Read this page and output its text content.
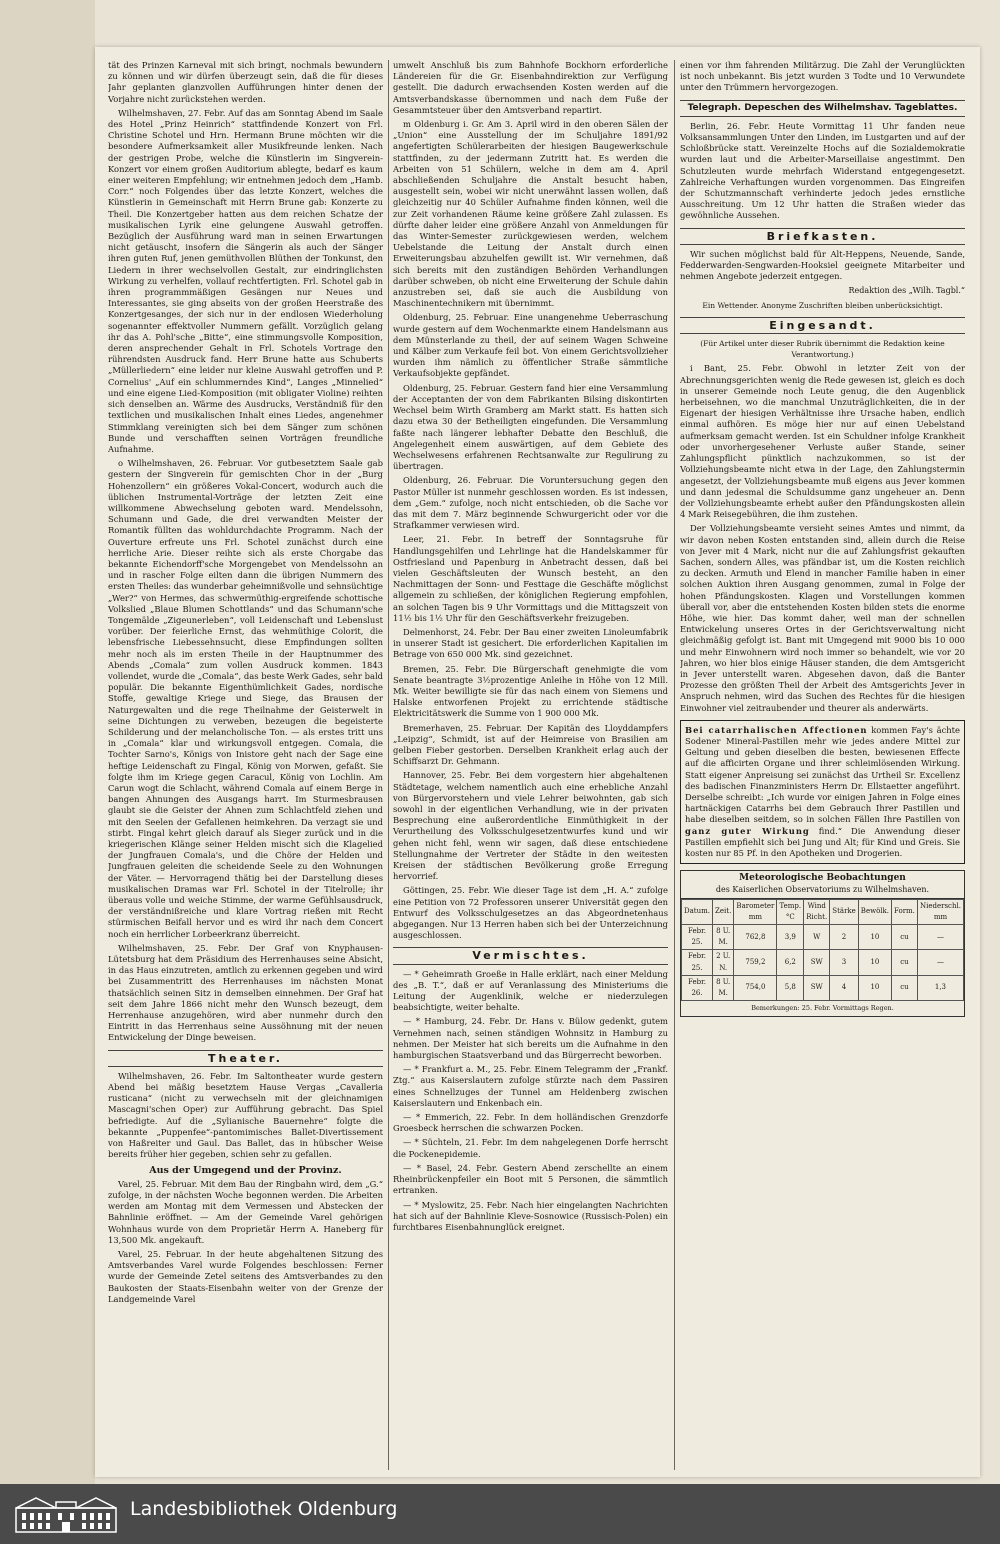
tät des Prinzen Karneval mit sich bringt, nochmals bewundern zu können und wir dürfen überzeugt sein, daß die für dieses Jahr geplanten glanzvollen Aufführungen hinter denen der Vorjahre nicht zurückstehen werden.

Wilhelmshaven, 27. Febr. Auf das am Sonntag Abend im Saale des Hotel „Prinz Heinrich“ stattfindende Konzert von Frl. Christine Schotel und Hrn. Hermann Brune möchten wir die besondere Aufmerksamkeit aller Musikfreunde lenken. Nach der gestrigen Probe, welche die Künstlerin im Singverein-Konzert vor einem großen Auditorium ablegte, bedarf es kaum einer weiteren Empfehlung; wir entnehmen jedoch dem „Hamb. Corr.“ noch Folgendes über das letzte Konzert, welches die Künstlerin in Gemeinschaft mit Herrn Brune gab: Konzerte zu Theil. Die Konzertgeber hatten aus dem reichen Schatze der musikalischen Lyrik eine gelungene Auswahl getroffen. Bezüglich der Ausführung ward man in seinen Erwartungen nicht getäuscht, insofern die Sängerin als auch der Sänger ihren guten Ruf, jenen gemüthvollen Blüthen der Tonkunst, den Liedern in ihrer wechselvollen Gestalt, zur eindringlichsten Wirkung zu verhelfen, vollauf rechtfertigten. Frl. Schotel gab in ihren programmmäßigen Gesängen nur Neues und Interessantes, sie ging abseits von der großen Heerstraße des Konzertgesanges, der sich nur in der endlosen Wiederholung sogenannter effektvoller Nummern gefällt. Vorzüglich gelang ihr das A. Pohl'sche „Bitte“, eine stimmungsvolle Komposition, deren ansprechender Gehalt in Frl. Schotels Vortrage den rührendsten Ausdruck fand. Herr Brune hatte aus Schuberts „Müllerliedern“ eine leider nur kleine Auswahl getroffen und P. Cornelius' „Auf ein schlummerndes Kind“, Langes „Minnelied“ und eine eigene Lied-Komposition (mit obligater Violine) reihten sich denselben an. Wärme des Ausdrucks, Verständniß für den textlichen und musikalischen Inhalt eines Liedes, angenehmer Stimmklang vereinigten sich bei dem Sänger zum schönen Bunde und verschafften seinen Vorträgen freundliche Aufnahme.

o Wilhelmshaven, 26. Februar. Vor gutbesetztem Saale gab gestern der Singverein für gemischten Chor in der „Burg Hohenzollern“ ein größeres Vokal-Concert, wodurch auch die üblichen Instrumental-Vorträge der letzten Zeit eine willkommene Abwechselung geboten ward. Mendelssohn, Schumann und Gade, die drei verwandten Meister der Romantik füllten das wohldurchdachte Programm. Nach der Ouverture erfreute uns Frl. Schotel zunächst durch eine herrliche Arie. Dieser reihte sich als erste Chorgabe das bekannte Eichendorff'sche Morgengebet von Mendelssohn an und in rascher Folge eilten dann die übrigen Nummern des ersten Theiles: das wunderbar geheimnißvolle und sehnsüchtige „Wer?“ von Hermes, das schwermüthig-ergreifende schottische Volkslied „Blaue Blumen Schottlands“ und das Schumann'sche Tongemälde „Zigeunerleben“, voll Leidenschaft und Lebenslust vorüber. Der feierliche Ernst, das wehmüthige Colorit, die lebensfrische Liebessehnsucht, diese Empfindungen sollten mehr noch als im ersten Theile in der Hauptnummer des Abends „Comala“ zum vollen Ausdruck kommen. 1843 vollendet, wurde die „Comala“, das beste Werk Gades, sehr bald populär. Die bekannte Eigenthümlichkeit Gades, nordische Stoffe, gewaltige Kriege und Siege, das Brausen der Naturgewalten und die rege Theilnahme der Geisterwelt in seine Dichtungen zu verweben, bezeugen die begeisterte Schilderung und der melancholische Ton. — als erstes tritt uns in „Comala“ klar und wirkungsvoll entgegen. Comala, die Tochter Sarno's, Königs von Inistore geht nach der Sage eine heftige Leidenschaft zu Fingal, König von Morwen, gefaßt. Sie folgte ihm im Kriege gegen Caracul, König von Lochlin. Am Carun wogt die Schlacht, während Comala auf einem Berge in bangen Ahnungen des Ausgangs harrt. Im Sturmesbrausen glaubt sie die Geister der Ahnen zum Schlachtfeld ziehen und mit den Seelen der Gefallenen heimkehren. Da verzagt sie und stirbt. Fingal kehrt gleich darauf als Sieger zurück und in die kriegerischen Klänge seiner Helden mischt sich die Klagelied der Jungfrauen Comala's, und die Chöre der Helden und Jungfrauen geleiten die scheidende Seele zu den Wohnungen der Väter. — Hervorragend thätig bei der Darstellung dieses musikalischen Dramas war Frl. Schotel in der Titelrolle; ihr überaus volle und weiche Stimme, der warme Gefühlsausdruck, der verständnißreiche und klare Vortrag rießen mit Recht stürmischen Beifall hervor und es wird ihr nach dem Concert noch ein herrlicher Lorbeerkranz überreicht.

Wilhelmshaven, 25. Febr. Der Graf von Knyphausen-Lütetsburg hat dem Präsidium des Herrenhauses seine Absicht, in das Haus einzutreten, amtlich zu erkennen gegeben und wird bei Zusammentritt des Herrenhauses im nächsten Monat thatsächlich seinen Sitz in demselben einnehmen. Der Graf hat seit dem Jahre 1866 nicht mehr den Wunsch bezeugt, dem Herrenhause anzugehören, wird aber nunmehr durch den Eintritt in das Herrenhaus seine Aussöhnung mit der neuen Entwickelung der Dinge beweisen.

Theater.

Wilhelmshaven, 26. Febr. Im Saltontheater wurde gestern Abend bei mäßig besetztem Hause Vergas „Cavalleria rusticana“ (nicht zu verwechseln mit der gleichnamigen Mascagni'schen Oper) zur Aufführung gebracht. Das Spiel befriedigte. Auf die „Sylianische Bauernehre“ folgte die bekannte „Puppenfee“-pantomimisches Ballet-Divertissement von Haßreiter und Gaul. Das Ballet, das in hübscher Weise bereits früher hier gegeben, schien sehr zu gefallen.

Aus der Umgegend und der Provinz.

Varel, 25. Februar. Mit dem Bau der Ringbahn wird, dem „G.“ zufolge, in der nächsten Woche begonnen werden. Die Arbeiten werden am Montag mit dem Vermessen und Abstecken der Bahnlinie eröffnet. — Am der Gemeinde Varel gehörigen Wohnhaus wurde von dem Proprietär Herrn A. Haneberg für 13,500 Mk. angekauft.

Varel, 25. Februar. In der heute abgehaltenen Sitzung des Amtsverbandes Varel wurde Folgendes beschlossen: Ferner wurde der Gemeinde Zetel seitens des Amtsverbandes zu den Baukosten der Staats-Eisenbahn weiter von der Grenze der Landgemeinde Varel

umwelt Anschluß bis zum Bahnhofe Bockhorn erforderliche Ländereien für die Gr. Eisenbahndirektion zur Verfügung gestellt. Die dadurch erwachsenden Kosten werden auf die Amtsverbandskasse übernommen und nach dem Fuße der Gesammtsteuer über den Amtsverband repartirt.

m Oldenburg i. Gr. Am 3. April wird in den oberen Sälen der „Union“ eine Ausstellung der im Schuljahre 1891/92 angefertigten Schülerarbeiten der hiesigen Baugewerkschule stattfinden, zu der jedermann Zutritt hat. Es werden die Arbeiten von 51 Schülern, welche in dem am 4. April abschließenden Schuljahre die Anstalt besucht haben, ausgestellt sein, wobei wir nicht unerwähnt lassen wollen, daß gleichzeitig nur 40 Schüler Aufnahme finden können, weil die zur Zeit vorhandenen Räume keine größere Zahl zulassen. Es dürfte daher leider eine größere Anzahl von Anmeldungen für das Winter-Semester zurückgewiesen werden, welchem Uebelstande die Leitung der Anstalt durch einen Erweiterungsbau abzuhelfen gewillt ist. Wir vernehmen, daß sich bereits mit den zuständigen Behörden Verhandlungen darüber schweben, ob nicht eine Erweiterung der Schule dahin anzustreben sei, daß sie auch die Ausbildung von Maschinentechnikern mit übernimmt.

Oldenburg, 25. Februar. Eine unangenehme Ueberraschung wurde gestern auf dem Wochenmarkte einem Handelsmann aus dem Münsterlande zu theil, der auf seinem Wagen Schweine und Kälber zum Verkaufe feil bot. Von einem Gerichtsvollzieher wurden ihm nämlich zu öffentlicher Straße sämmtliche Verkaufsobjekte gepfändet.

Oldenburg, 25. Februar. Gestern fand hier eine Versammlung der Acceptanten der von dem Fabrikanten Bilsing diskontirten Wechsel beim Wirth Gramberg am Markt statt. Es hatten sich dazu etwa 30 der Betheiligten eingefunden. Die Versammlung faßte nach längerer lebhafter Debatte den Beschluß, die Angelegenheit einem auswärtigen, auf dem Gebiete des Wechselwesens erfahrenen Rechtsanwalte zur Regulirung zu übertragen.

Oldenburg, 26. Februar. Die Voruntersuchung gegen den Pastor Müller ist nunmehr geschlossen worden. Es ist indessen, dem „Gem.“ zufolge, noch nicht entschieden, ob die Sache vor das mit dem 7. März beginnende Schwurgericht oder vor die Strafkammer verwiesen wird.

Leer, 21. Febr. In betreff der Sonntagsruhe für Handlungsgehilfen und Lehrlinge hat die Handelskammer für Ostfriesland und Papenburg in Anbetracht dessen, daß bei vielen Geschäftsleuten der Wunsch besteht, an den Nachmittagen der Sonn- und Festtage die Geschäfte möglichst allgemein zu schließen, der königlichen Regierung empfohlen, an solchen Tagen bis 9 Uhr Vormittags und die Mittagszeit von 11½ bis 1½ Uhr für den Geschäftsverkehr freizugeben.

Delmenhorst, 24. Febr. Der Bau einer zweiten Linoleumfabrik in unserer Stadt ist gesichert. Die erforderlichen Kapitalien im Betrage von 650 000 Mk. sind gezeichnet.

Bremen, 25. Febr. Die Bürgerschaft genehmigte die vom Senate beantragte 3½prozentige Anleihe in Höhe von 12 Mill. Mk. Weiter bewilligte sie für das nach einem von Siemens und Halske entworfenen Projekt zu errichtende städtische Elektricitätswerk die Summe von 1 900 000 Mk.

Bremerhaven, 25. Februar. Der Kapitän des Lloyddampfers „Leipzig“, Schmidt, ist auf der Heimreise von Brasilien am gelben Fieber gestorben. Derselben Krankheit erlag auch der Schiffsarzt Dr. Gehmann.

Hannover, 25. Febr. Bei dem vorgestern hier abgehaltenen Städtetage, welchem namentlich auch eine erhebliche Anzahl von Bürgervorstehern und viele Lehrer beiwohnten, gab sich sowohl in der eigentlichen Verhandlung, wie in der privaten Besprechung eine außerordentliche Einmüthigkeit in der Verurtheilung des Volksschulgesetzentwurfes kund und wir gehen nicht fehl, wenn wir sagen, daß diese entschiedene Stellungnahme der Vertreter der Städte in den weitesten Kreisen der städtischen Bevölkerung große Erregung hervorrief.

Göttingen, 25. Febr. Wie dieser Tage ist dem „H. A.“ zufolge eine Petition von 72 Professoren unserer Universität gegen den Entwurf des Volksschulgesetzes an das Abgeordnetenhaus abgegangen. Nur 13 Herren haben sich bei der Unterzeichnung ausgeschlossen.

Vermischtes.

— * Geheimrath Groeße in Halle erklärt, nach einer Meldung des „B. T.“, daß er auf Veranlassung des Ministeriums die Leitung der Augenklinik, welche er niederzulegen beabsichtigte, weiter behalte.

— * Hamburg, 24. Febr. Dr. Hans v. Bülow gedenkt, gutem Vernehmen nach, seinen ständigen Wohnsitz in Hamburg zu nehmen. Der Meister hat sich bereits um die Aufnahme in den hamburgischen Staatsverband und das Bürgerrecht beworben.

— * Frankfurt a. M., 25. Febr. Einem Telegramm der „Frankf. Ztg.“ aus Kaiserslautern zufolge stürzte nach dem Passiren eines Schnellzuges der Tunnel am Heldenberg zwischen Kaiserslautern und Enkenbach ein.

— * Emmerich, 22. Febr. In dem holländischen Grenzdorfe Groesbeck herrschen die schwarzen Pocken.

— * Süchteln, 21. Febr. Im dem nahgelegenen Dorfe herrscht die Pockenepidemie.

— * Basel, 24. Febr. Gestern Abend zerschellte an einem Rheinbrückenpfeiler ein Boot mit 5 Personen, die sämmtlich ertranken.

— * Myslowitz, 25. Febr. Nach hier eingelangten Nachrichten hat sich auf der Bahnlinie Kleve-Sosnowice (Russisch-Polen) ein furchtbares Eisenbahnunglück ereignet.

einen vor ihm fahrenden Militärzug. Die Zahl der Verunglückten ist noch unbekannt. Bis jetzt wurden 3 Todte und 10 Verwundete unter den Trümmern hervorgezogen.

Telegraph. Depeschen des Wilhelmshav. Tageblattes.

Berlin, 26. Febr. Heute Vormittag 11 Uhr fanden neue Volksansammlungen Unter den Linden, im Lustgarten und auf der Schloßbrücke statt. Vereinzelte Hochs auf die Sozialdemokratie wurden laut und die Arbeiter-Marseillaise angestimmt. Den Schutzleuten wurde mehrfach Widerstand entgegengesetzt. Zahlreiche Verhaftungen wurden vorgenommen. Das Eingreifen der Schutzmannschaft verhinderte jedoch jedes ernstliche Ausschreitung. Um 12 Uhr hatten die Straßen wieder das gewöhnliche Aussehen.

Briefkasten.

Wir suchen möglichst bald für Alt-Heppens, Neuende, Sande, Fedderwarden-Sengwarden-Hooksiel geeignete Mitarbeiter und nehmen Angebote jederzeit entgegen.

Redaktion des „Wilh. Tagbl.“
Ein Wettender. Anonyme Zuschriften bleiben unberücksichtigt.
Eingesandt.
(Für Artikel unter dieser Rubrik übernimmt die Redaktion keine Verantwortung.)

i Bant, 25. Febr. Obwohl in letzter Zeit von der Abrechnungsgerichten wenig die Rede gewesen ist, gleich es doch in unserer Gemeinde noch Leute genug, die den Augenblick herbeisehnen, wo die manchmal Unzuträglichkeiten, die in der Eigenart der hiesigen Verhältnisse ihre Ursache haben, endlich einmal aufhören. Es möge hier nur auf einen Uebelstand aufmerksam gemacht werden. Ist ein Schuldner infolge Krankheit oder unvorhergesehener Verluste außer Stande, seiner Zahlungspflicht pünktlich nachzukommen, so ist der Vollziehungsbeamte nicht etwa in der Lage, den Zahlungstermin angesetzt, der Vollziehungsbeamte muß eigens aus Jever kommen und dann jedesmal die Schuldsumme ganz ungeheuer an. Denn der Vollziehungsbeamte erhebt außer den Pfändungskosten allein 4 Mark Reisegebühren, die ihm zustehen.

Der Vollziehungsbeamte versieht seines Amtes und nimmt, da wir davon neben Kosten entstanden sind, allein durch die Reise von Jever mit 4 Mark, nicht nur die auf Zahlungsfrist gekauften Sachen, sondern Alles, was pfändbar ist, um die Kosten reichlich zu decken. Armuth und Elend in mancher Familie haben in einer solchen Auktion ihren Ausgang genommen, zumal in Folge der hohen Pfändungskosten. Klagen und Vorstellungen kommen überall vor, aber die entstehenden Kosten bilden stets die enorme Höhe, wie hier. Das kommt daher, weil man der schnellen Entwickelung unseres Ortes in der Gerichtsverwaltung nicht gleichmäßig gefolgt ist. Bant mit Umgegend mit 9000 bis 10 000 und mehr Einwohnern wird noch immer so behandelt, wie vor 20 Jahren, wo hier blos einige Häuser standen, die dem Amtsgericht in Jever unterstellt waren. Abgesehen davon, daß die Banter Prozesse den größten Theil der Arbeit des Amtsgerichts Jever in Anspruch nehmen, wird das Suchen des Rechtes für die hiesigen Einwohner viel zeitraubender und theurer als anderwärts.

Bei catarrhalischen Affectionen kommen Fay's ächte Sodener Mineral-Pastillen mehr wie jedes andere Mittel zur Geltung und geben dieselben die besten, bewiesenen Effecte auf die afficirten Organe und ihrer schleimlösenden Wirkung. Statt eigener Anpreisung sei zunächst das Urtheil Sr. Excellenz des badischen Finanzministers Herrn Dr. Ellstaetter angeführt. Derselbe schreibt: „Ich wurde vor einigen Jahren in Folge eines hartnäckigen Catarrhs bei dem Gebrauch Ihrer Pastillen und habe dieselben seitdem, so in solchen Fällen Ihre Pastillen von ganz guter Wirkung find.“ Die Anwendung dieser Pastillen empfiehlt sich bei Jung und Alt; für Kind und Greis. Sie kosten nur 85 Pf. in den Apotheken und Drogerien.
Meteorologische Beobachtungen
des Kaiserlichen Observatoriums zu Wilhelmshaven.
Datum.	Zeit.	Barometer mm	Temp. °C	Wind Richt.	Stärke	Bewölk.	Form.	Niederschl. mm
Febr. 25.	8 U. M.	762,8	3,9	W	2	10	cu	—
Febr. 25.	2 U. N.	759,2	6,2	SW	3	10	cu	—
Febr. 26.	8 U. M.	754,0	5,8	SW	4	10	cu	1,3
Bemerkungen: 25. Febr. Vormittags Regen.
Landesbibliothek Oldenburg
